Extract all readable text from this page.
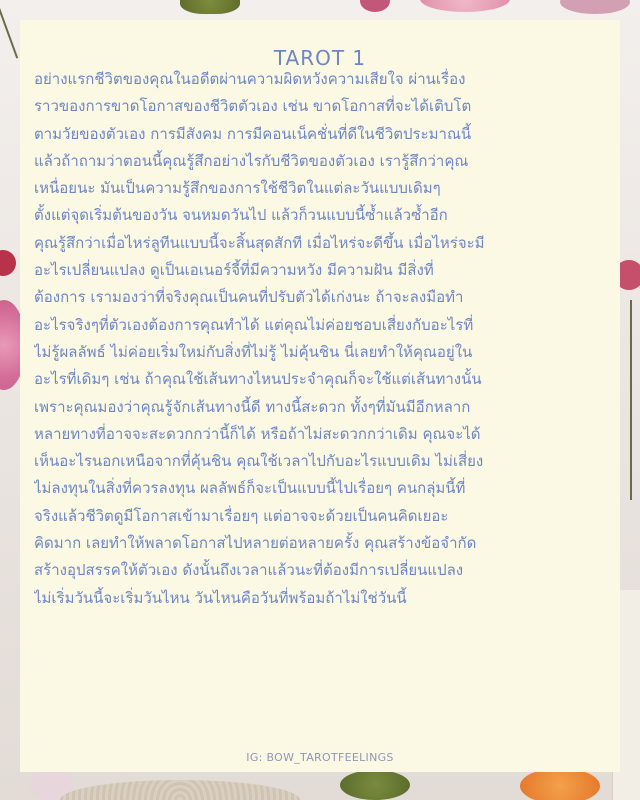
TAROT 1
อย่างแรกชีวิตของคุณในอดีตผ่านความผิดหวังความเสียใจ ผ่านเรื่อง
ราวของการขาดโอกาสของชีวิตตัวเอง เช่น ขาดโอกาสที่จะได้เติบโต
ตามวัยของตัวเอง การมีสังคม การมีคอนเน็คชั่นที่ดีในชีวิตประมาณนี้
แล้วถ้าถามว่าตอนนี้คุณรู้สึกอย่างไรกับชีวิตของตัวเอง เรารู้สึกว่าคุณ
เหนื่อยนะ มันเป็นความรู้สึกของการใช้ชีวิตในแต่ละวันแบบเดิมๆ
ตั้งแต่จุดเริ่มต้นของวัน จนหมดวันไป แล้วก็วนแบบนี้ซ้ำแล้วซ้ำอีก
คุณรู้สึกว่าเมื่อไหร่ลูทีนแบบนี้จะสิ้นสุดสักที เมื่อไหร่จะดีขึ้น เมื่อไหร่จะมี
อะไรเปลี่ยนแปลง ดูเป็นเอเนอร์จี้ที่มีความหวัง มีความฝัน มีสิ่งที่
ต้องการ เรามองว่าที่จริงคุณเป็นคนที่ปรับตัวได้เก่งนะ ถ้าจะลงมือทำ
อะไรจริงๆที่ตัวเองต้องการคุณทำได้ แต่คุณไม่ค่อยชอบเสี่ยงกับอะไรที่
ไม่รู้ผลลัพธ์ ไม่ค่อยเริ่มใหม่กับสิ่งที่ไม่รู้ ไม่คุ้นชิน นี่เลยทำให้คุณอยู่ใน
อะไรที่เดิมๆ เช่น ถ้าคุณใช้เส้นทางไหนประจำคุณก็จะใช้แต่เส้นทางนั้น
เพราะคุณมองว่าคุณรู้จักเส้นทางนี้ดี ทางนี้สะดวก ทั้งๆที่มันมีอีกหลาก
หลายทางที่อาจจะสะดวกกว่านี้ก็ได้ หรือถ้าไม่สะดวกกว่าเดิม คุณจะได้
เห็นอะไรนอกเหนือจากที่คุ้นชิน คุณใช้เวลาไปกับอะไรแบบเดิม ไม่เสี่ยง
ไม่ลงทุนในสิ่งที่ควรลงทุน ผลลัพธ์ก็จะเป็นแบบนี้ไปเรื่อยๆ คนกลุ่มนี้ที่
จริงแล้วชีวิตดูมีโอกาสเข้ามาเรื่อยๆ แต่อาจจะด้วยเป็นคนคิดเยอะ
คิดมาก เลยทำให้พลาดโอกาสไปหลายต่อหลายครั้ง คุณสร้างข้อจำกัด
สร้างอุปสรรคให้ตัวเอง ดังนั้นถึงเวลาแล้วนะที่ต้องมีการเปลี่ยนแปลง
ไม่เริ่มวันนี้จะเริ่มวันไหน วันไหนคือวันที่พร้อมถ้าไม่ใช่วันนี้
IG: BOW_TAROTFEELINGS
